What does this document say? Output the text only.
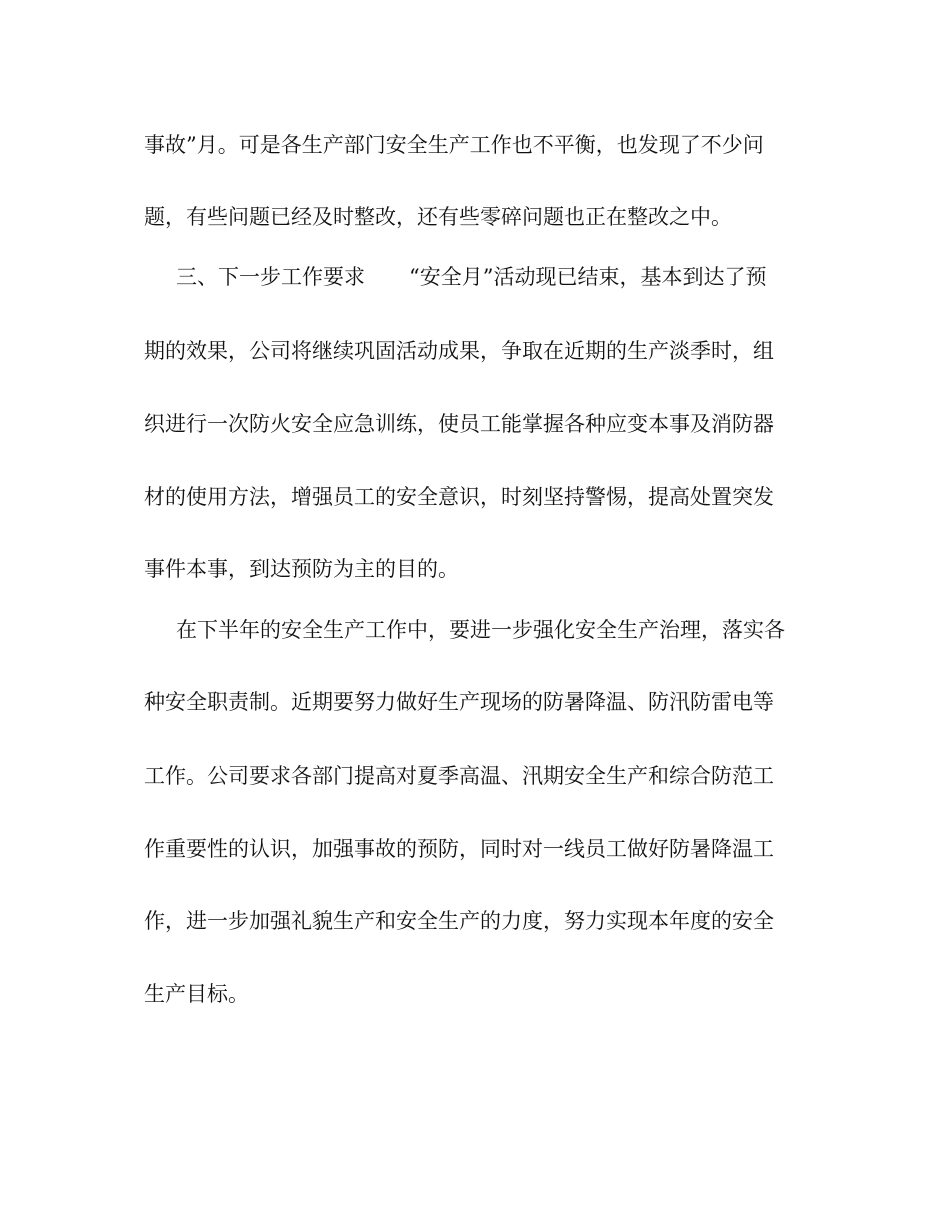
事故”月。可是各生产部门安全生产工作也不平衡，也发现了不少问
题，有些问题已经及时整改，还有些零碎问题也正在整改之中。
三、下一步工作要求 “安全月”活动现已结束，基本到达了预
期的效果，公司将继续巩固活动成果，争取在近期的生产淡季时，组
织进行一次防火安全应急训练，使员工能掌握各种应变本事及消防器
材的使用方法，增强员工的安全意识，时刻坚持警惕，提高处置突发
事件本事，到达预防为主的目的。
在下半年的安全生产工作中，要进一步强化安全生产治理，落实各
种安全职责制。近期要努力做好生产现场的防暑降温、防汛防雷电等
工作。公司要求各部门提高对夏季高温、汛期安全生产和综合防范工
作重要性的认识，加强事故的预防，同时对一线员工做好防暑降温工
作，进一步加强礼貌生产和安全生产的力度，努力实现本年度的安全
生产目标。
